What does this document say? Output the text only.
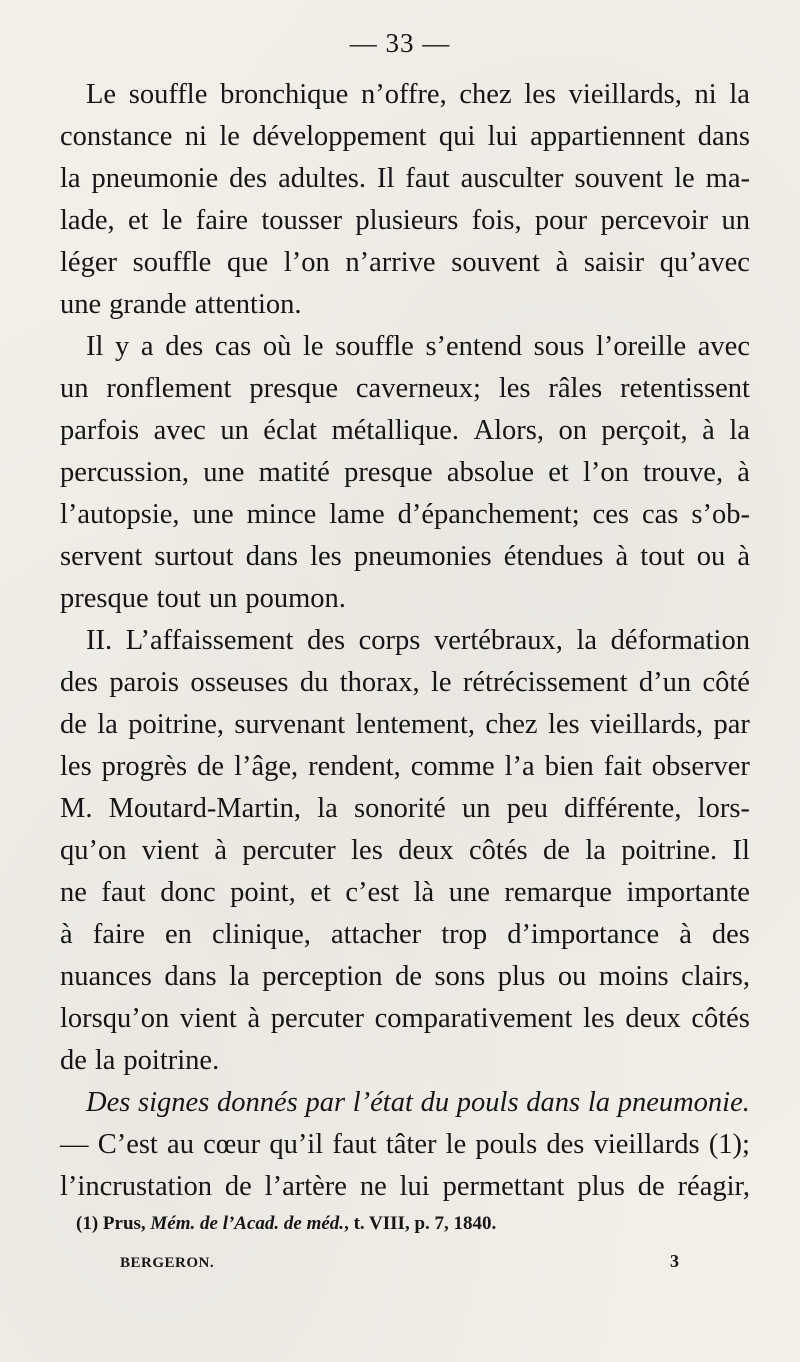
— 33 —
Le souffle bronchique n’offre, chez les vieillards, ni la
constance ni le développement qui lui appartiennent dans
la pneumonie des adultes. Il faut ausculter souvent le ma-
lade, et le faire tousser plusieurs fois, pour percevoir un
léger souffle que l’on n’arrive souvent à saisir qu’avec
une grande attention.
Il y a des cas où le souffle s’entend sous l’oreille avec
un ronflement presque caverneux; les râles retentissent
parfois avec un éclat métallique. Alors, on perçoit, à la
percussion, une matité presque absolue et l’on trouve, à
l’autopsie, une mince lame d’épanchement; ces cas s’ob-
servent surtout dans les pneumonies étendues à tout ou à
presque tout un poumon.
II. L’affaissement des corps vertébraux, la déformation
des parois osseuses du thorax, le rétrécissement d’un côté
de la poitrine, survenant lentement, chez les vieillards, par
les progrès de l’âge, rendent, comme l’a bien fait observer
M. Moutard-Martin, la sonorité un peu différente, lors-
qu’on vient à percuter les deux côtés de la poitrine. Il
ne faut donc point, et c’est là une remarque importante
à faire en clinique, attacher trop d’importance à des
nuances dans la perception de sons plus ou moins clairs,
lorsqu’on vient à percuter comparativement les deux côtés
de la poitrine.
Des signes donnés par l’état du pouls dans la pneumonie.
— C’est au cœur qu’il faut tâter le pouls des vieillards (1);
l’incrustation de l’artère ne lui permettant plus de réagir,
(1) Prus, Mém. de l’Acad. de méd., t. VIII, p. 7, 1840.
BERGERON.	3
